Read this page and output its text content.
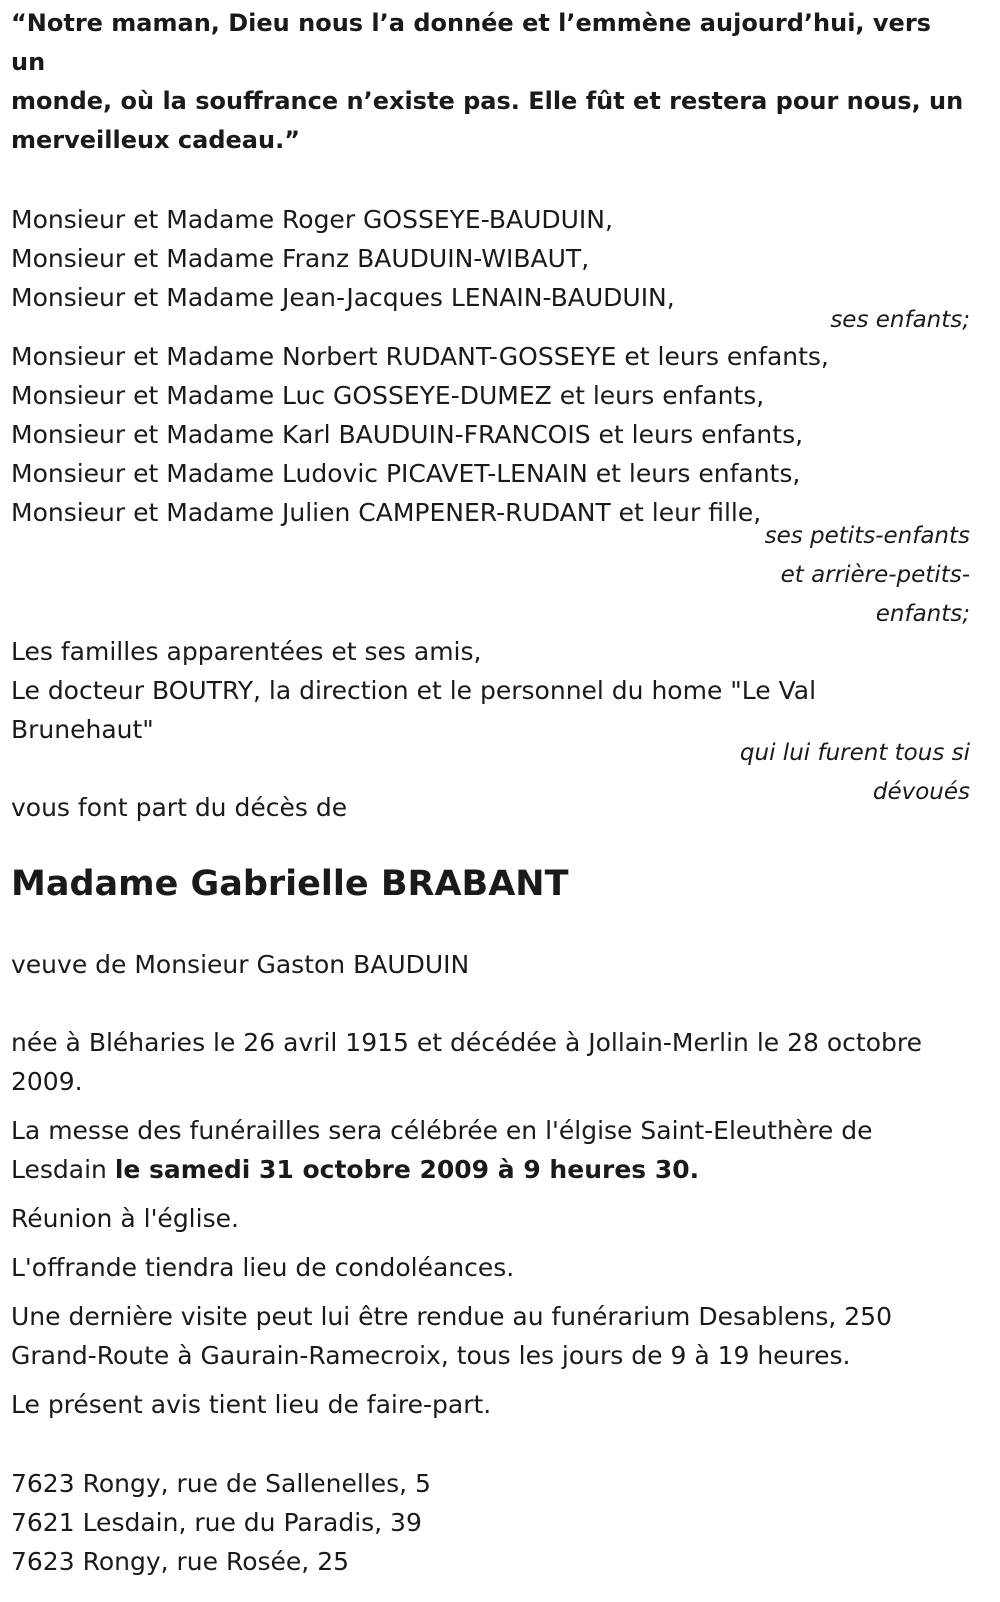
“Notre maman, Dieu nous l’a donnée et l’emmène aujourd’hui, vers un
monde, où la souffrance n’existe pas. Elle fût et restera pour nous, un
merveilleux cadeau.”
Monsieur et Madame Roger GOSSEYE-BAUDUIN,
Monsieur et Madame Franz BAUDUIN-WIBAUT,
Monsieur et Madame Jean-Jacques LENAIN-BAUDUIN,
ses enfants;
Monsieur et Madame Norbert RUDANT-GOSSEYE et leurs enfants,
Monsieur et Madame Luc GOSSEYE-DUMEZ et leurs enfants,
Monsieur et Madame Karl BAUDUIN-FRANCOIS et leurs enfants,
Monsieur et Madame Ludovic PICAVET-LENAIN et leurs enfants,
Monsieur et Madame Julien CAMPENER-RUDANT et leur fille,
ses petits-enfants
et arrière-petits-
enfants;
Les familles apparentées et ses amis,
Le docteur BOUTRY, la direction et le personnel du home "Le Val
Brunehaut"
qui lui furent tous si
dévoués
vous font part du décès de
Madame Gabrielle BRABANT
veuve de Monsieur Gaston BAUDUIN
née à Bléharies le 26 avril 1915 et décédée à Jollain-Merlin le 28 octobre
2009.
La messe des funérailles sera célébrée en l'élgise Saint-Eleuthère de
Lesdain le samedi 31 octobre 2009 à 9 heures 30.
Réunion à l'église.
L'offrande tiendra lieu de condoléances.
Une dernière visite peut lui être rendue au funérarium Desablens, 250
Grand-Route à Gaurain-Ramecroix, tous les jours de 9 à 19 heures.
Le présent avis tient lieu de faire-part.
7623 Rongy, rue de Sallenelles, 5
7621 Lesdain, rue du Paradis, 39
7623 Rongy, rue Rosée, 25
